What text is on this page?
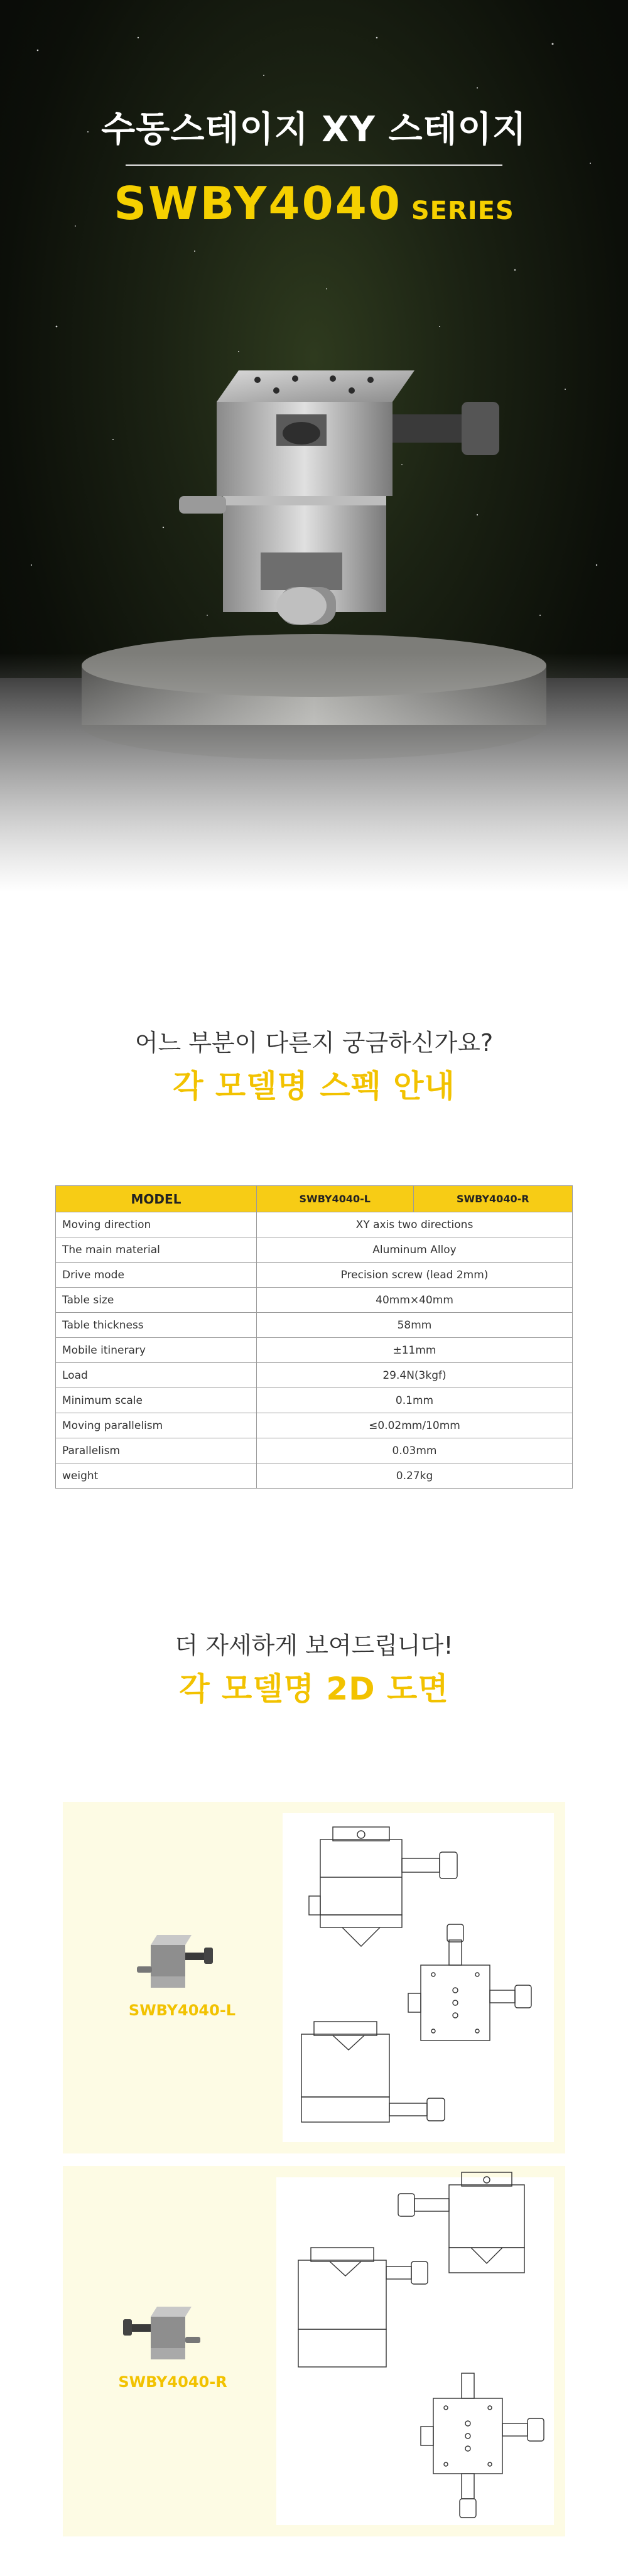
수동스테이지 XY 스테이지
SWBY4040 SERIES
어느 부분이 다른지 궁금하신가요?
각 모델명 스펙 안내
MODEL	SWBY4040-L	SWBY4040-R
Moving direction	XY axis two directions	
The main material	Aluminum Alloy	
Drive mode	Precision screw (lead 2mm)	
Table size	40mm×40mm	
Table thickness	58mm	
Mobile itinerary	±11mm	
Load	29.4N(3kgf)	
Minimum scale	0.1mm	
Moving parallelism	≤0.02mm/10mm	
Parallelism	0.03mm	
weight	0.27kg	
더 자세하게 보여드립니다!
각 모델명 2D 도면
SWBY4040-L
SWBY4040-R
